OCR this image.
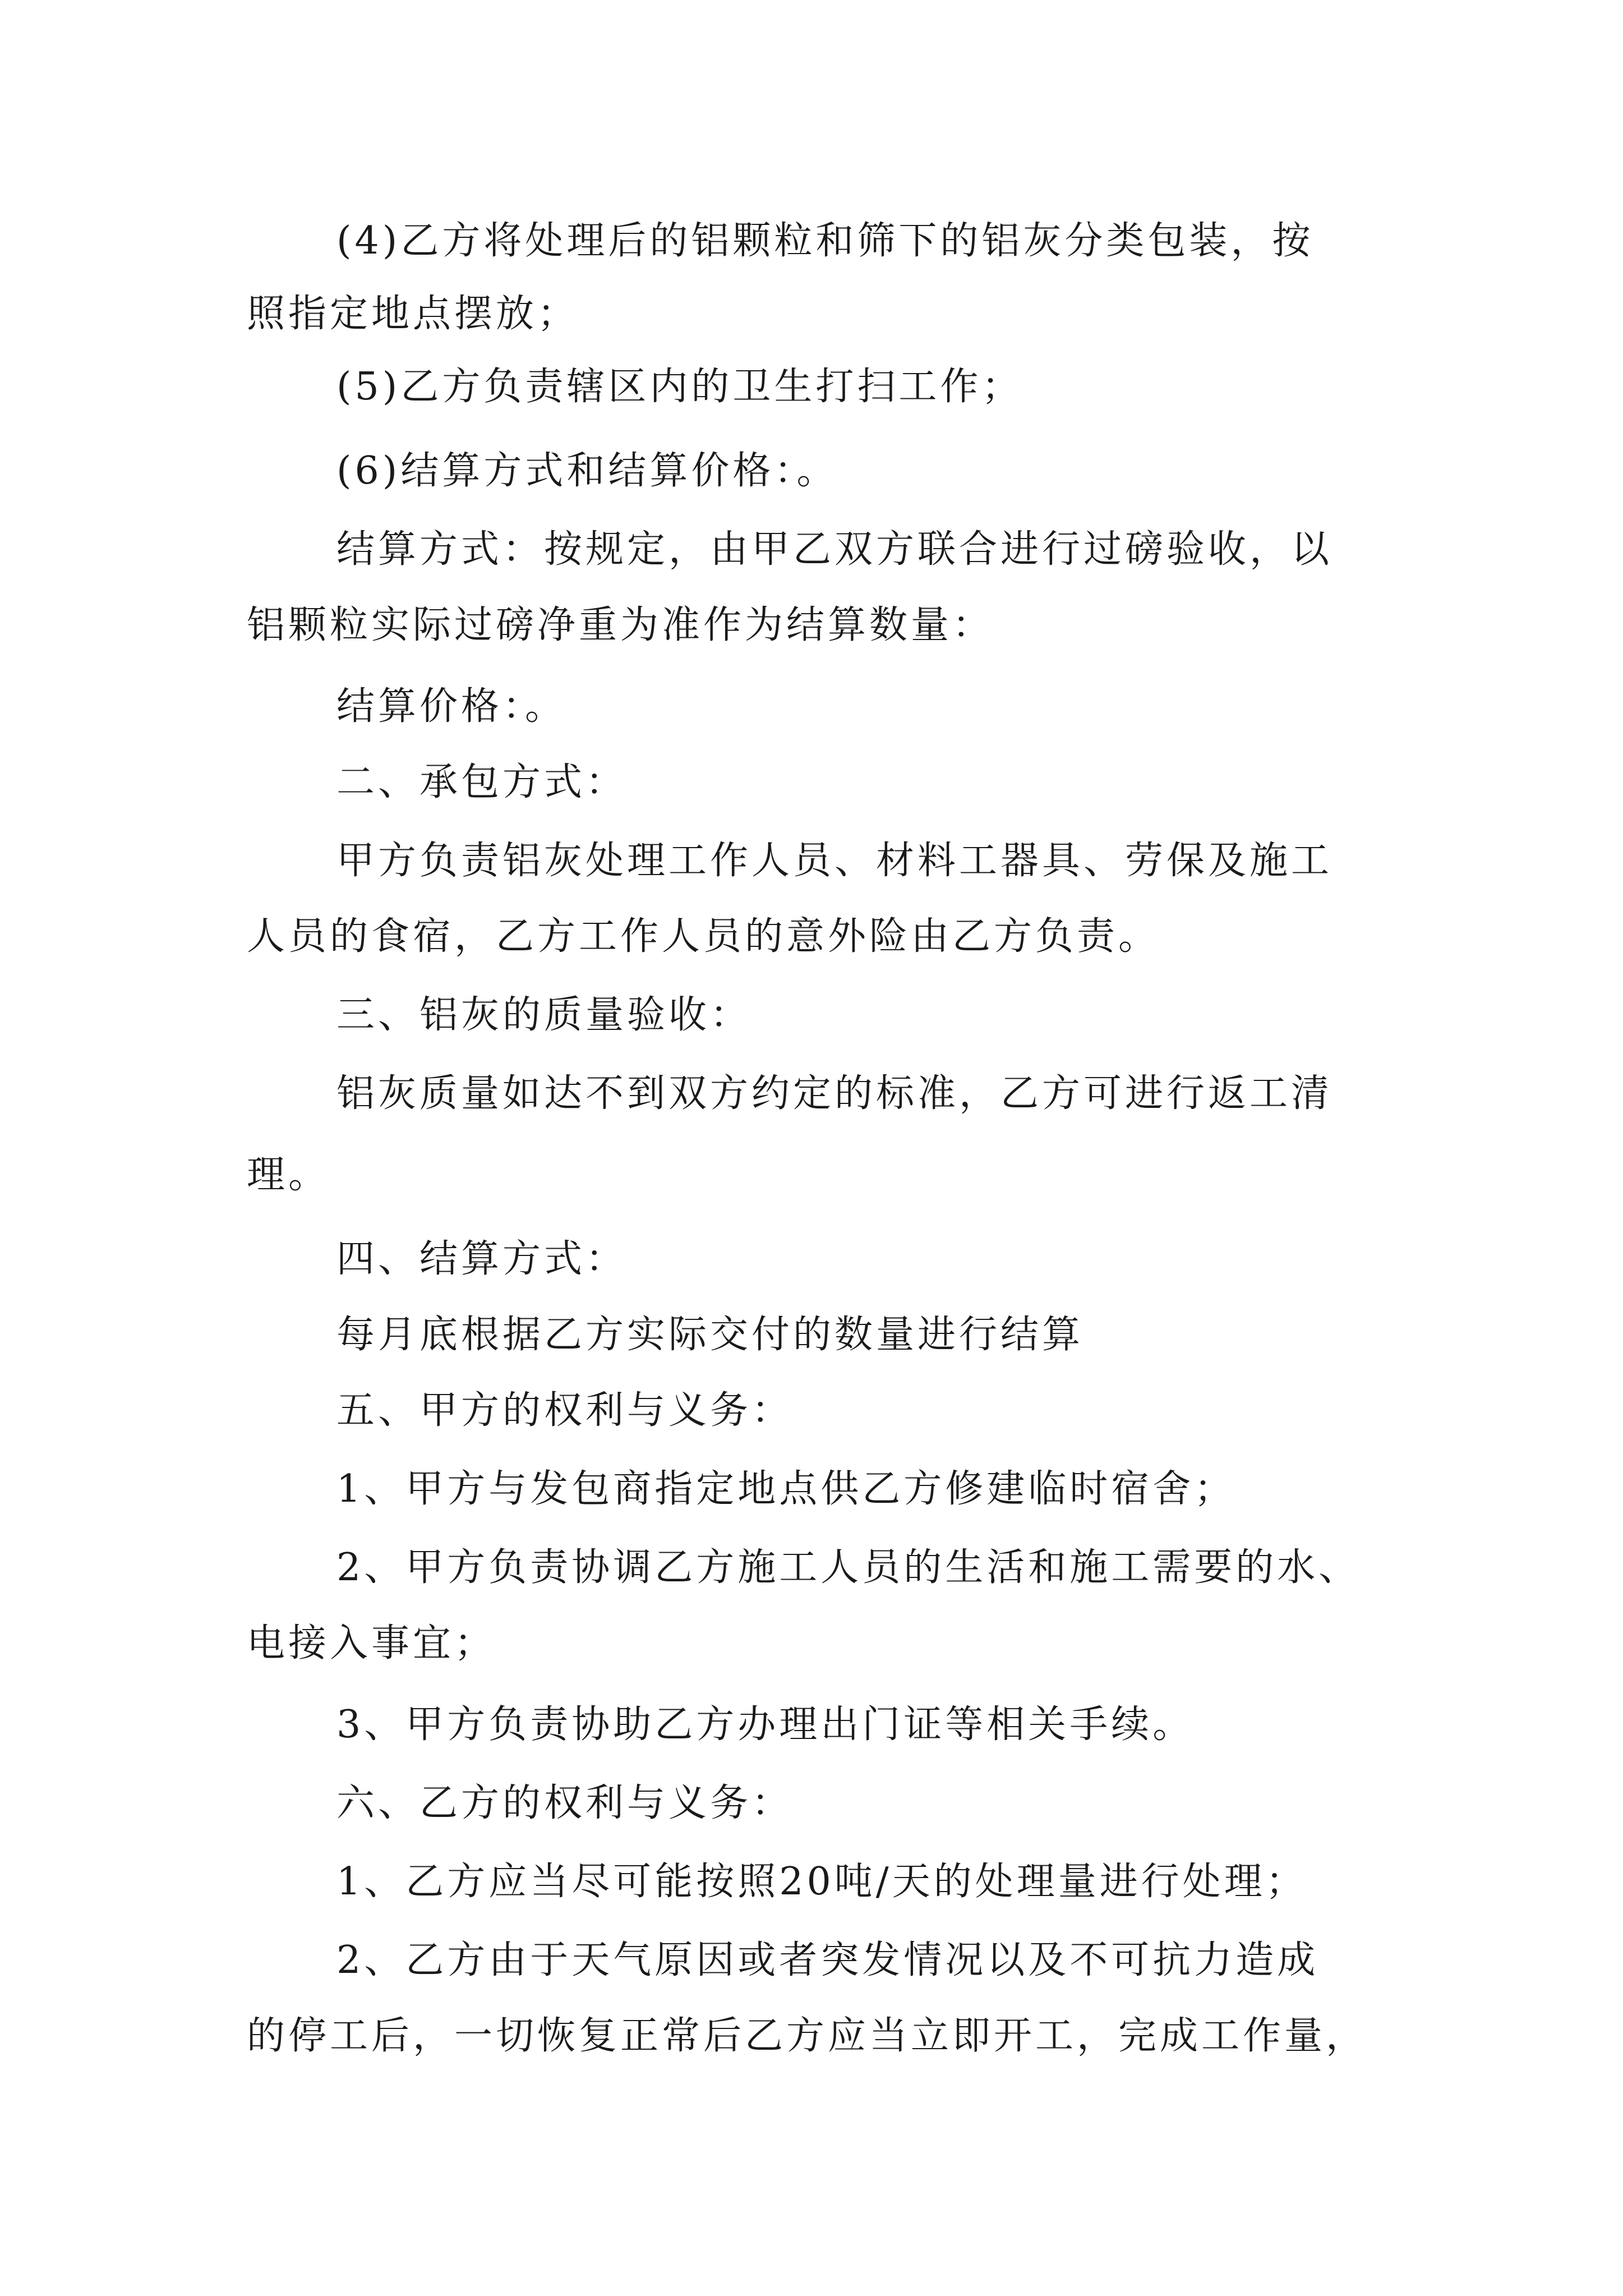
(4)乙方将处理后的铝颗粒和筛下的铝灰分类包装，按
照指定地点摆放；
(5)乙方负责辖区内的卫生打扫工作；
(6)结算方式和结算价格：。
结算方式：按规定，由甲乙双方联合进行过磅验收，以
铝颗粒实际过磅净重为准作为结算数量：
结算价格：。
二、承包方式：
甲方负责铝灰处理工作人员、材料工器具、劳保及施工
人员的食宿，乙方工作人员的意外险由乙方负责。
三、铝灰的质量验收：
铝灰质量如达不到双方约定的标准，乙方可进行返工清
理。
四、结算方式：
每月底根据乙方实际交付的数量进行结算
五、甲方的权利与义务：
1、甲方与发包商指定地点供乙方修建临时宿舍；
2、甲方负责协调乙方施工人员的生活和施工需要的水、
电接入事宜；
3、甲方负责协助乙方办理出门证等相关手续。
六、乙方的权利与义务：
1、乙方应当尽可能按照20吨/天的处理量进行处理；
2、乙方由于天气原因或者突发情况以及不可抗力造成
的停工后，一切恢复正常后乙方应当立即开工，完成工作量，
